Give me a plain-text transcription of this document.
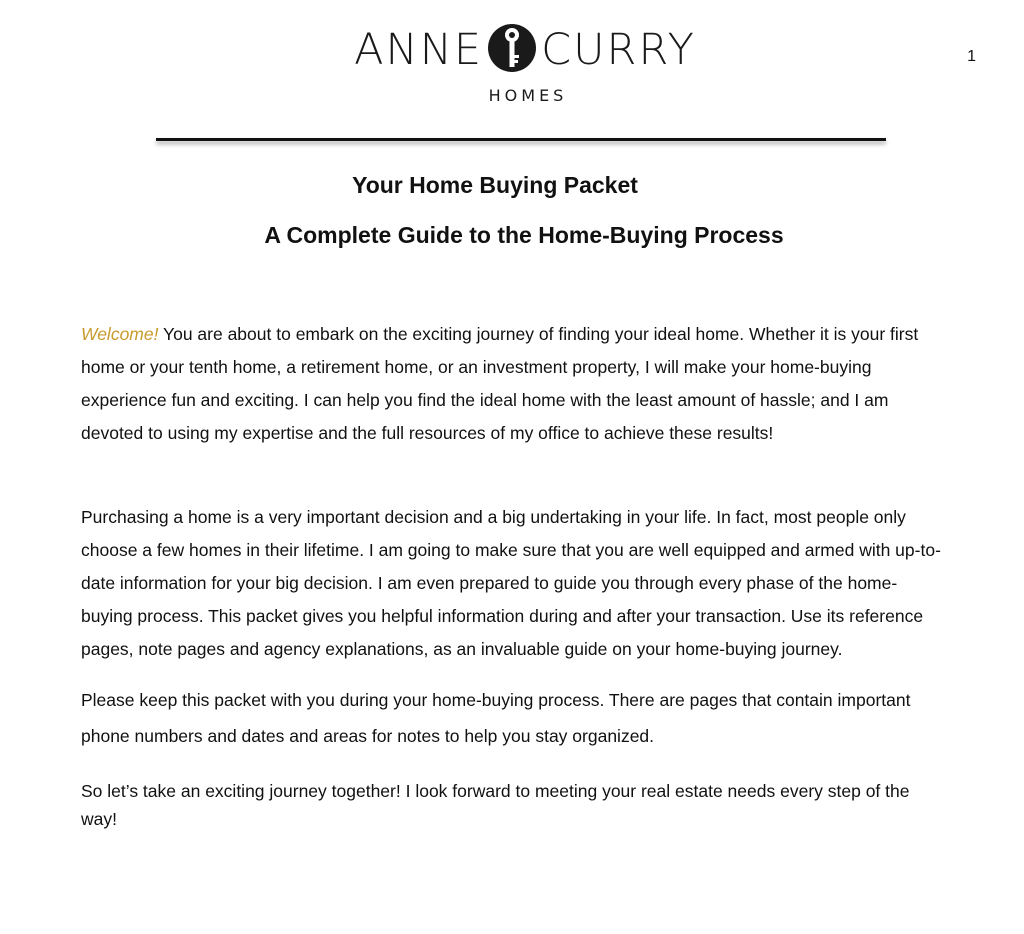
ANNE CURRY
HOMES
1
Your Home Buying Packet
A Complete Guide to the Home-Buying Process

Welcome! You are about to embark on the exciting journey of finding your ideal home. Whether it is your first home or your tenth home, a retirement home, or an investment property, I will make your home-buying experience fun and exciting. I can help you find the ideal home with the least amount of hassle; and I am devoted to using my expertise and the full resources of my office to achieve these results!

Purchasing a home is a very important decision and a big undertaking in your life. In fact, most people only choose a few homes in their lifetime. I am going to make sure that you are well equipped and armed with up-to-date information for your big decision. I am even prepared to guide you through every phase of the home-buying process. This packet gives you helpful information during and after your transaction. Use its reference pages, note pages and agency explanations, as an invaluable guide on your home-buying journey.

Please keep this packet with you during your home-buying process. There are pages that contain important phone numbers and dates and areas for notes to help you stay organized.

So let’s take an exciting journey together! I look forward to meeting your real estate needs every step of the way!
